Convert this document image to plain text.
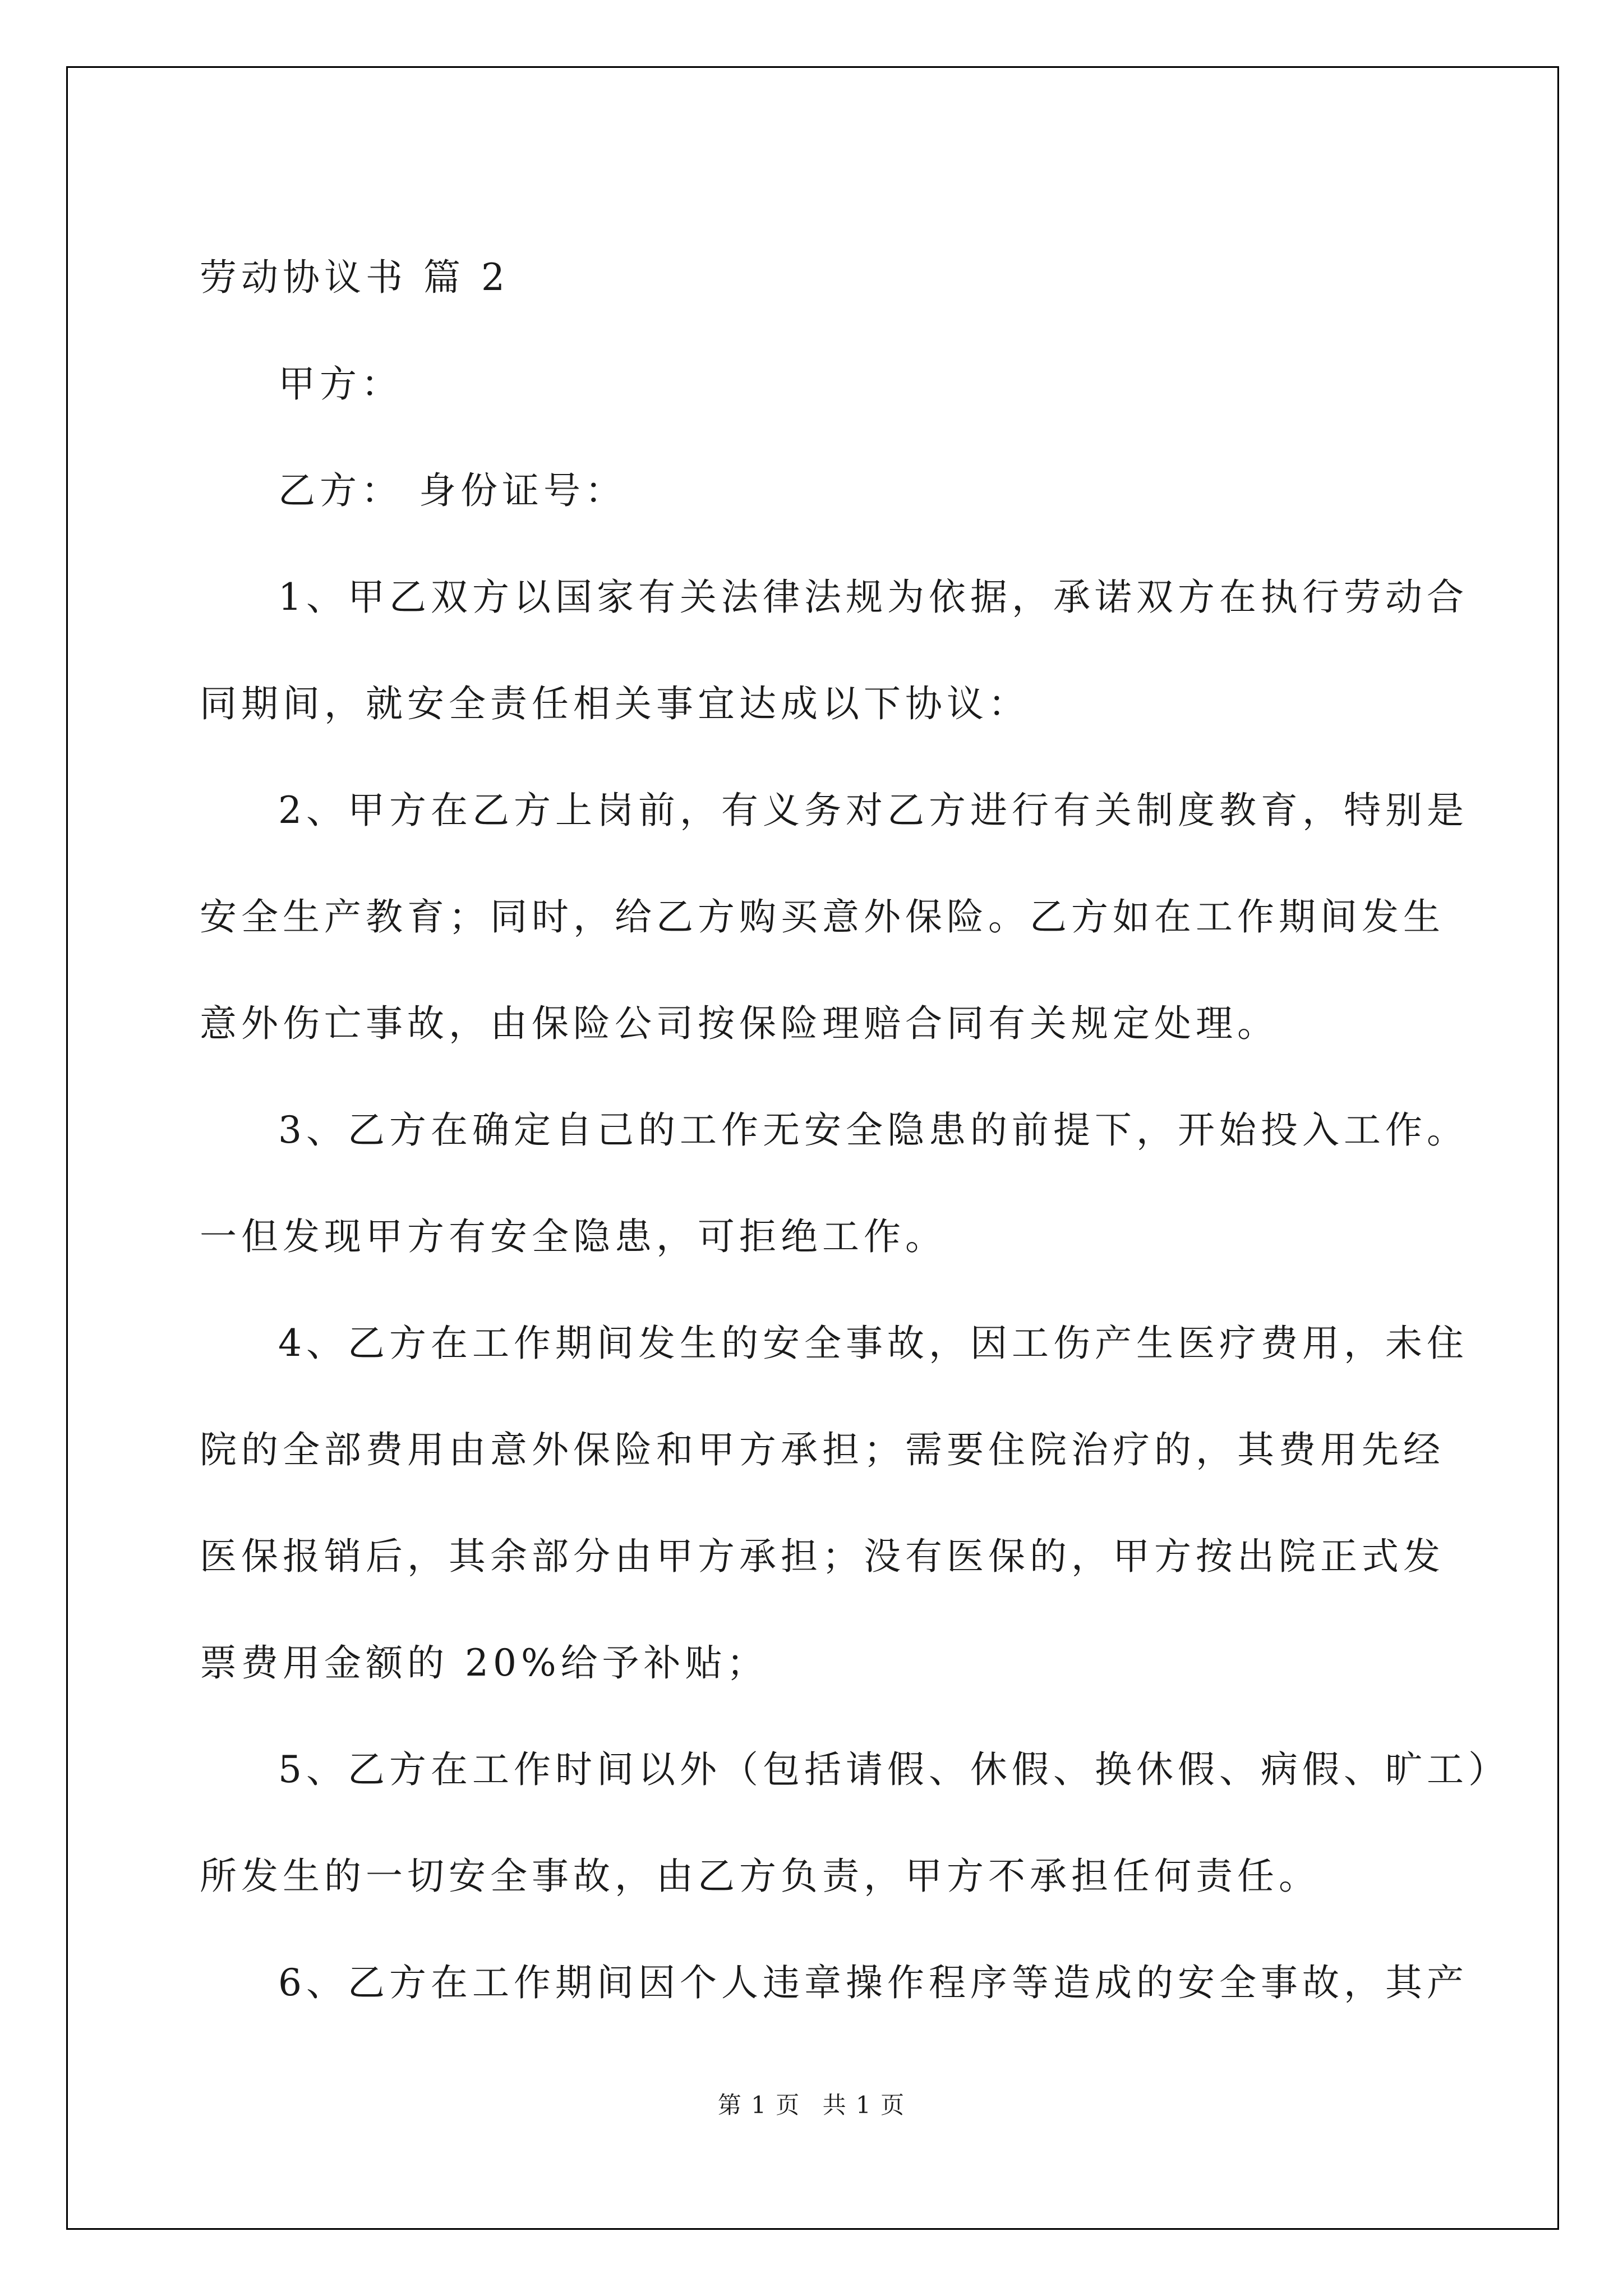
劳动协议书 篇 2
甲方：
乙方： 身份证号：
1、甲乙双方以国家有关法律法规为依据，承诺双方在执行劳动合
同期间，就安全责任相关事宜达成以下协议：
2、甲方在乙方上岗前，有义务对乙方进行有关制度教育，特别是
安全生产教育；同时，给乙方购买意外保险。乙方如在工作期间发生
意外伤亡事故，由保险公司按保险理赔合同有关规定处理。
3、乙方在确定自己的工作无安全隐患的前提下，开始投入工作。
一但发现甲方有安全隐患，可拒绝工作。
4、乙方在工作期间发生的安全事故，因工伤产生医疗费用，未住
院的全部费用由意外保险和甲方承担；需要住院治疗的，其费用先经
医保报销后，其余部分由甲方承担；没有医保的，甲方按出院正式发
票费用金额的 20%给予补贴；
5、乙方在工作时间以外（包括请假、休假、换休假、病假、旷工）
所发生的一切安全事故，由乙方负责，甲方不承担任何责任。
6、乙方在工作期间因个人违章操作程序等造成的安全事故，其产
第 1 页 共 1 页
